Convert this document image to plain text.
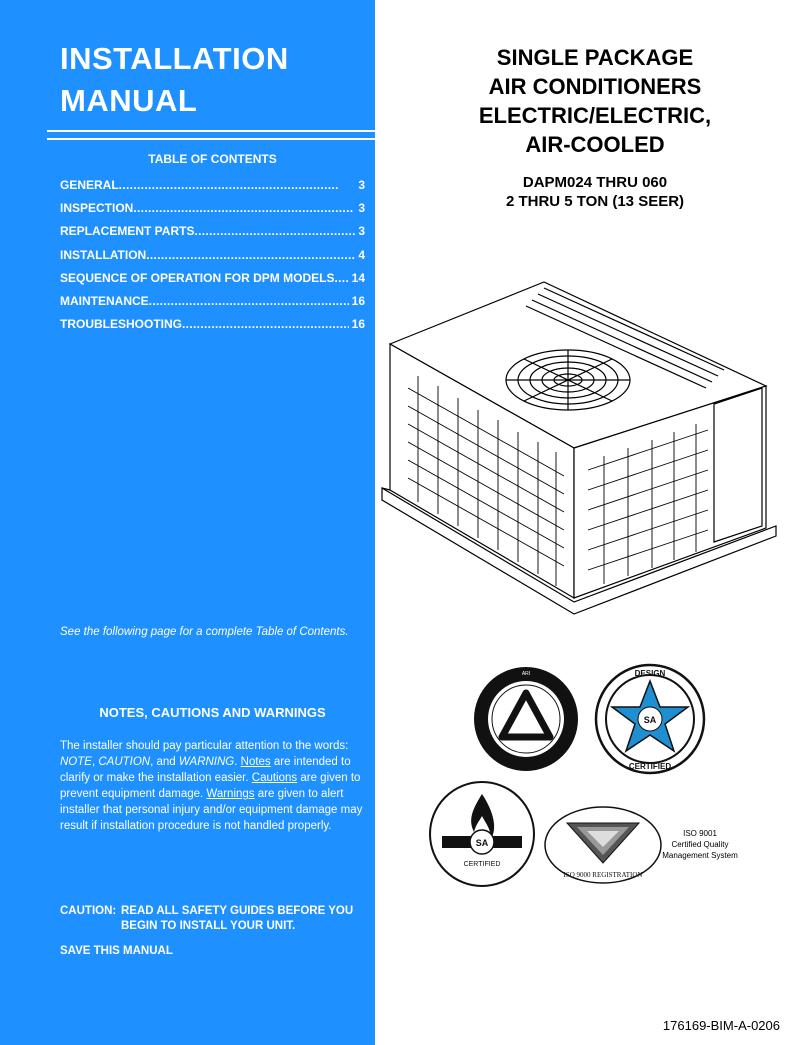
INSTALLATION
MANUAL
TABLE OF CONTENTS
GENERAL . . .	3
INSPECTION . . .	3
REPLACEMENT PARTS . . .	3
INSTALLATION . . .	4
SEQUENCE OF OPERATION FOR DPM MODELS . . . 14
MAINTENANCE . . .	16
TROUBLESHOOTING . . .	16
See the following page for a complete Table of Contents.
NOTES, CAUTIONS AND WARNINGS
The installer should pay particular attention to the words: NOTE, CAUTION, and WARNING. Notes are intended to clarify or make the installation easier. Cautions are given to prevent equipment damage. Warnings are given to alert installer that personal injury and/or equipment damage may result if installation procedure is not handled properly.
CAUTION: READ ALL SAFETY GUIDES BEFORE YOU BEGIN TO INSTALL YOUR UNIT.
SAVE THIS MANUAL
SINGLE PACKAGE
AIR CONDITIONERS
ELECTRIC/ELECTRIC,
AIR-COOLED
DAPM024 THRU 060
2 THRU 5 TON (13 SEER)
ARI
SA
DESIGN
CERTIFIED
SA
CERTIFIED
ISO 9000 REGISTRATION
ISO 9001
Certified Quality
Management System
176169-BIM-A-0206
